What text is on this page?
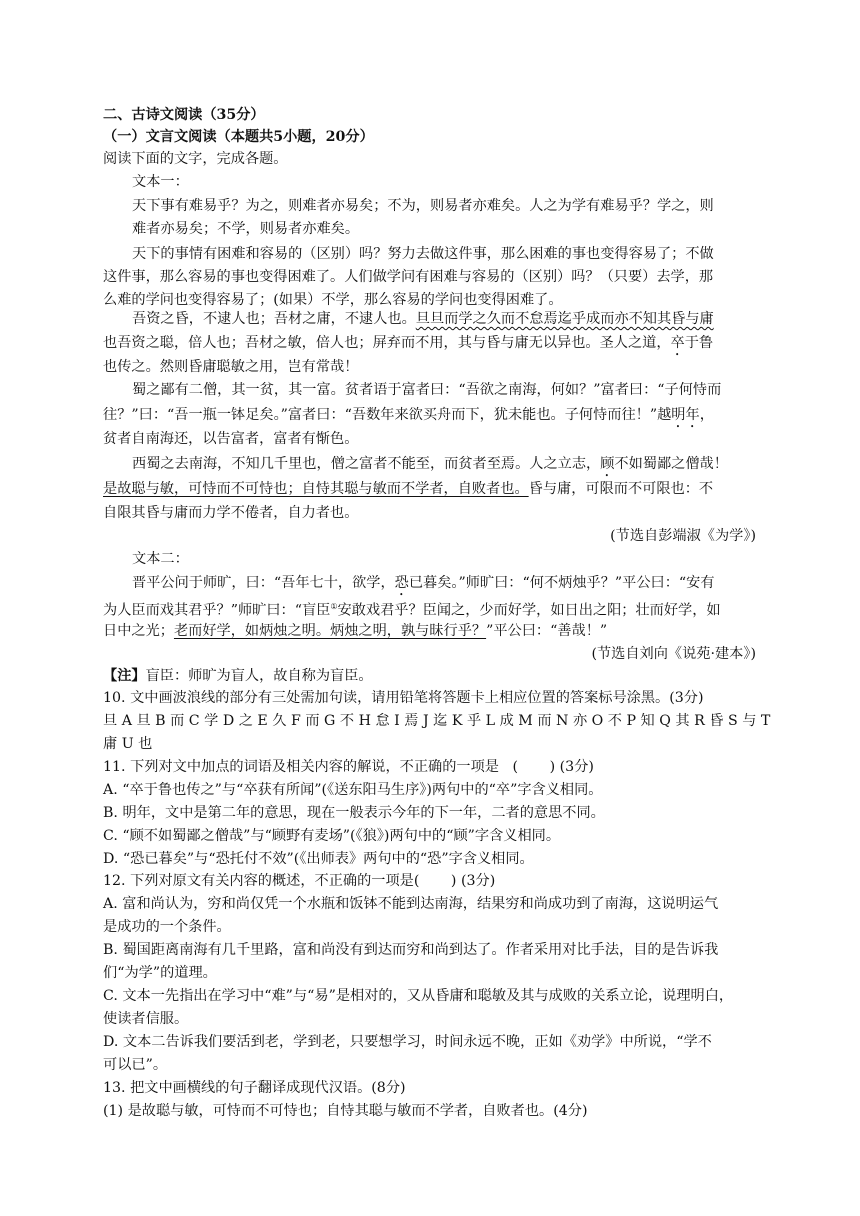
二、古诗文阅读（35分）
（一）文言文阅读（本题共5小题，20分）
阅读下面的文字，完成各题。
文本一：
天下事有难易乎？为之，则难者亦易矣；不为，则易者亦难矣。人之为学有难易乎？学之，则
难者亦易矣；不学，则易者亦难矣。
天下的事情有困难和容易的（区别）吗？努力去做这件事，那么困难的事也变得容易了；不做
这件事，那么容易的事也变得困难了。人们做学问有困难与容易的（区别）吗？（只要）去学，那
么难的学问也变得容易了；(如果）不学，那么容易的学问也变得困难了。
吾资之昏，不逮人也；吾材之庸，不逮人也。旦旦而学之久而不怠焉迄乎成而亦不知其昏与庸
也吾资之聪，倍人也；吾材之敏，倍人也；屏弃而不用，其与昏与庸无以异也。圣人之道，卒于鲁
也传之。然则昏庸聪敏之用，岂有常哉！
蜀之鄙有二僧，其一贫，其一富。贫者语于富者曰：“吾欲之南海，何如？”富者曰：“子何恃而
往？”曰：“吾一瓶一钵足矣。”富者曰：“吾数年来欲买舟而下，犹未能也。子何恃而往！”越明年，
贫者自南海还，以告富者，富者有惭色。
西蜀之去南海，不知几千里也，僧之富者不能至，而贫者至焉。人之立志，顾不如蜀鄙之僧哉！
是故聪与敏，可恃而不可恃也；自恃其聪与敏而不学者，自败者也。昏与庸，可限而不可限也：不
自限其昏与庸而力学不倦者，自力者也。
(节选自彭端淑《为学》)
文本二：
晋平公问于师旷，曰：“吾年七十，欲学，恐已暮矣。”师旷曰：“何不炳烛乎？”平公曰：“安有
为人臣而戏其君乎？”师旷曰：“盲臣①安敢戏君乎？臣闻之，少而好学，如日出之阳；壮而好学，如
日中之光；老而好学，如炳烛之明。炳烛之明，孰与昧行乎？”平公曰：“善哉！”
(节选自刘向《说苑·建本》)
【注】盲臣：师旷为盲人，故自称为盲臣。
10. 文中画波浪线的部分有三处需加句读，请用铅笔将答题卡上相应位置的答案标号涂黑。(3分)
旦 A 旦 B 而 C 学 D 之 E 久 F 而 G 不 H 怠 I 焉 J 迄 K 乎 L 成 M 而 N 亦 O 不 P 知 Q 其 R 昏 S 与 T
庸 U 也
11. 下列对文中加点的词语及相关内容的解说，不正确的一项是   (       ) (3分)
A. “卒于鲁也传之”与“卒获有所闻”(《送东阳马生序》)两句中的“卒”字含义相同。
B. 明年，文中是第二年的意思，现在一般表示今年的下一年，二者的意思不同。
C. “顾不如蜀鄙之僧哉”与“顾野有麦场”(《狼》)两句中的“顾”字含义相同。
D. “恐已暮矣”与“恐托付不效”(《出师表》两句中的“恐”字含义相同。
12. 下列对原文有关内容的概述，不正确的一项是(       ) (3分)
A. 富和尚认为，穷和尚仅凭一个水瓶和饭钵不能到达南海，结果穷和尚成功到了南海，这说明运气
是成功的一个条件。
B. 蜀国距离南海有几千里路，富和尚没有到达而穷和尚到达了。作者采用对比手法，目的是告诉我
们“为学”的道理。
C. 文本一先指出在学习中“难”与“易”是相对的，又从昏庸和聪敏及其与成败的关系立论，说理明白，
使读者信服。
D. 文本二告诉我们要活到老，学到老，只要想学习，时间永远不晚，正如《劝学》中所说，“学不
可以已”。
13. 把文中画横线的句子翻译成现代汉语。(8分)
(1) 是故聪与敏，可恃而不可恃也；自恃其聪与敏而不学者，自败者也。(4分)
